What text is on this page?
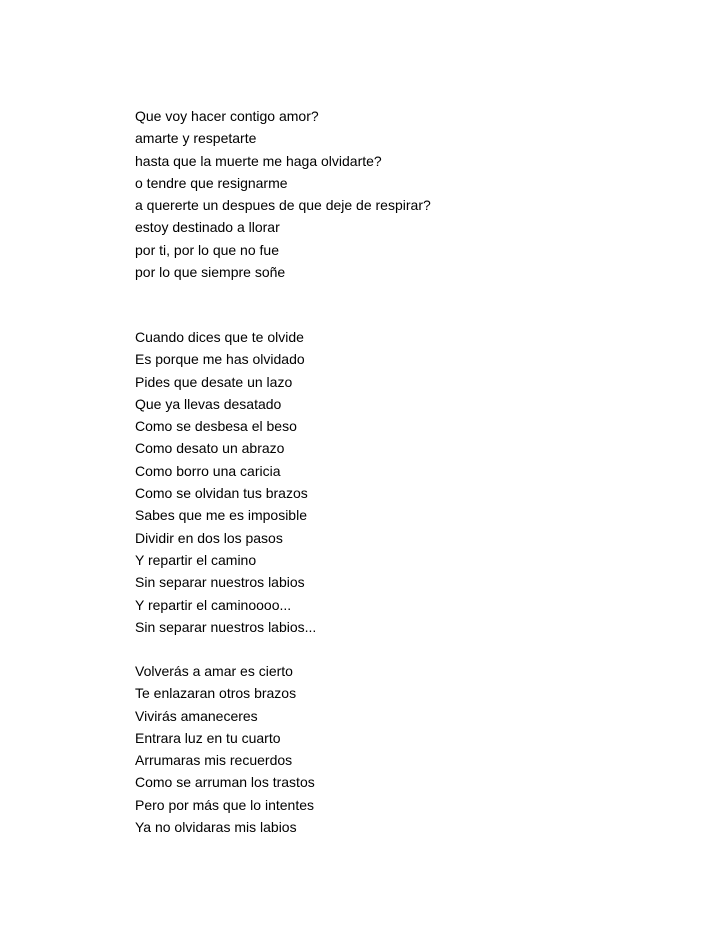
Que voy hacer contigo amor?

amarte y respetarte

hasta que la muerte me haga olvidarte?

o tendre que resignarme

a quererte un despues de que deje de respirar?

estoy destinado a llorar

por ti, por lo que no fue

por lo que siempre soñe

Cuando dices que te olvide

Es porque me has olvidado

Pides que desate un lazo

Que ya llevas desatado

Como se desbesa el beso

Como desato un abrazo

Como borro una caricia

Como se olvidan tus brazos

Sabes que me es imposible

Dividir en dos los pasos

Y repartir el camino

Sin separar nuestros labios

Y repartir el caminoooo...

Sin separar nuestros labios...

Volverás a amar es cierto

Te enlazaran otros brazos

Vivirás amaneceres

Entrara luz en tu cuarto

Arrumaras mis recuerdos

Como se arruman los trastos

Pero por más que lo intentes

Ya no olvidaras mis labios
